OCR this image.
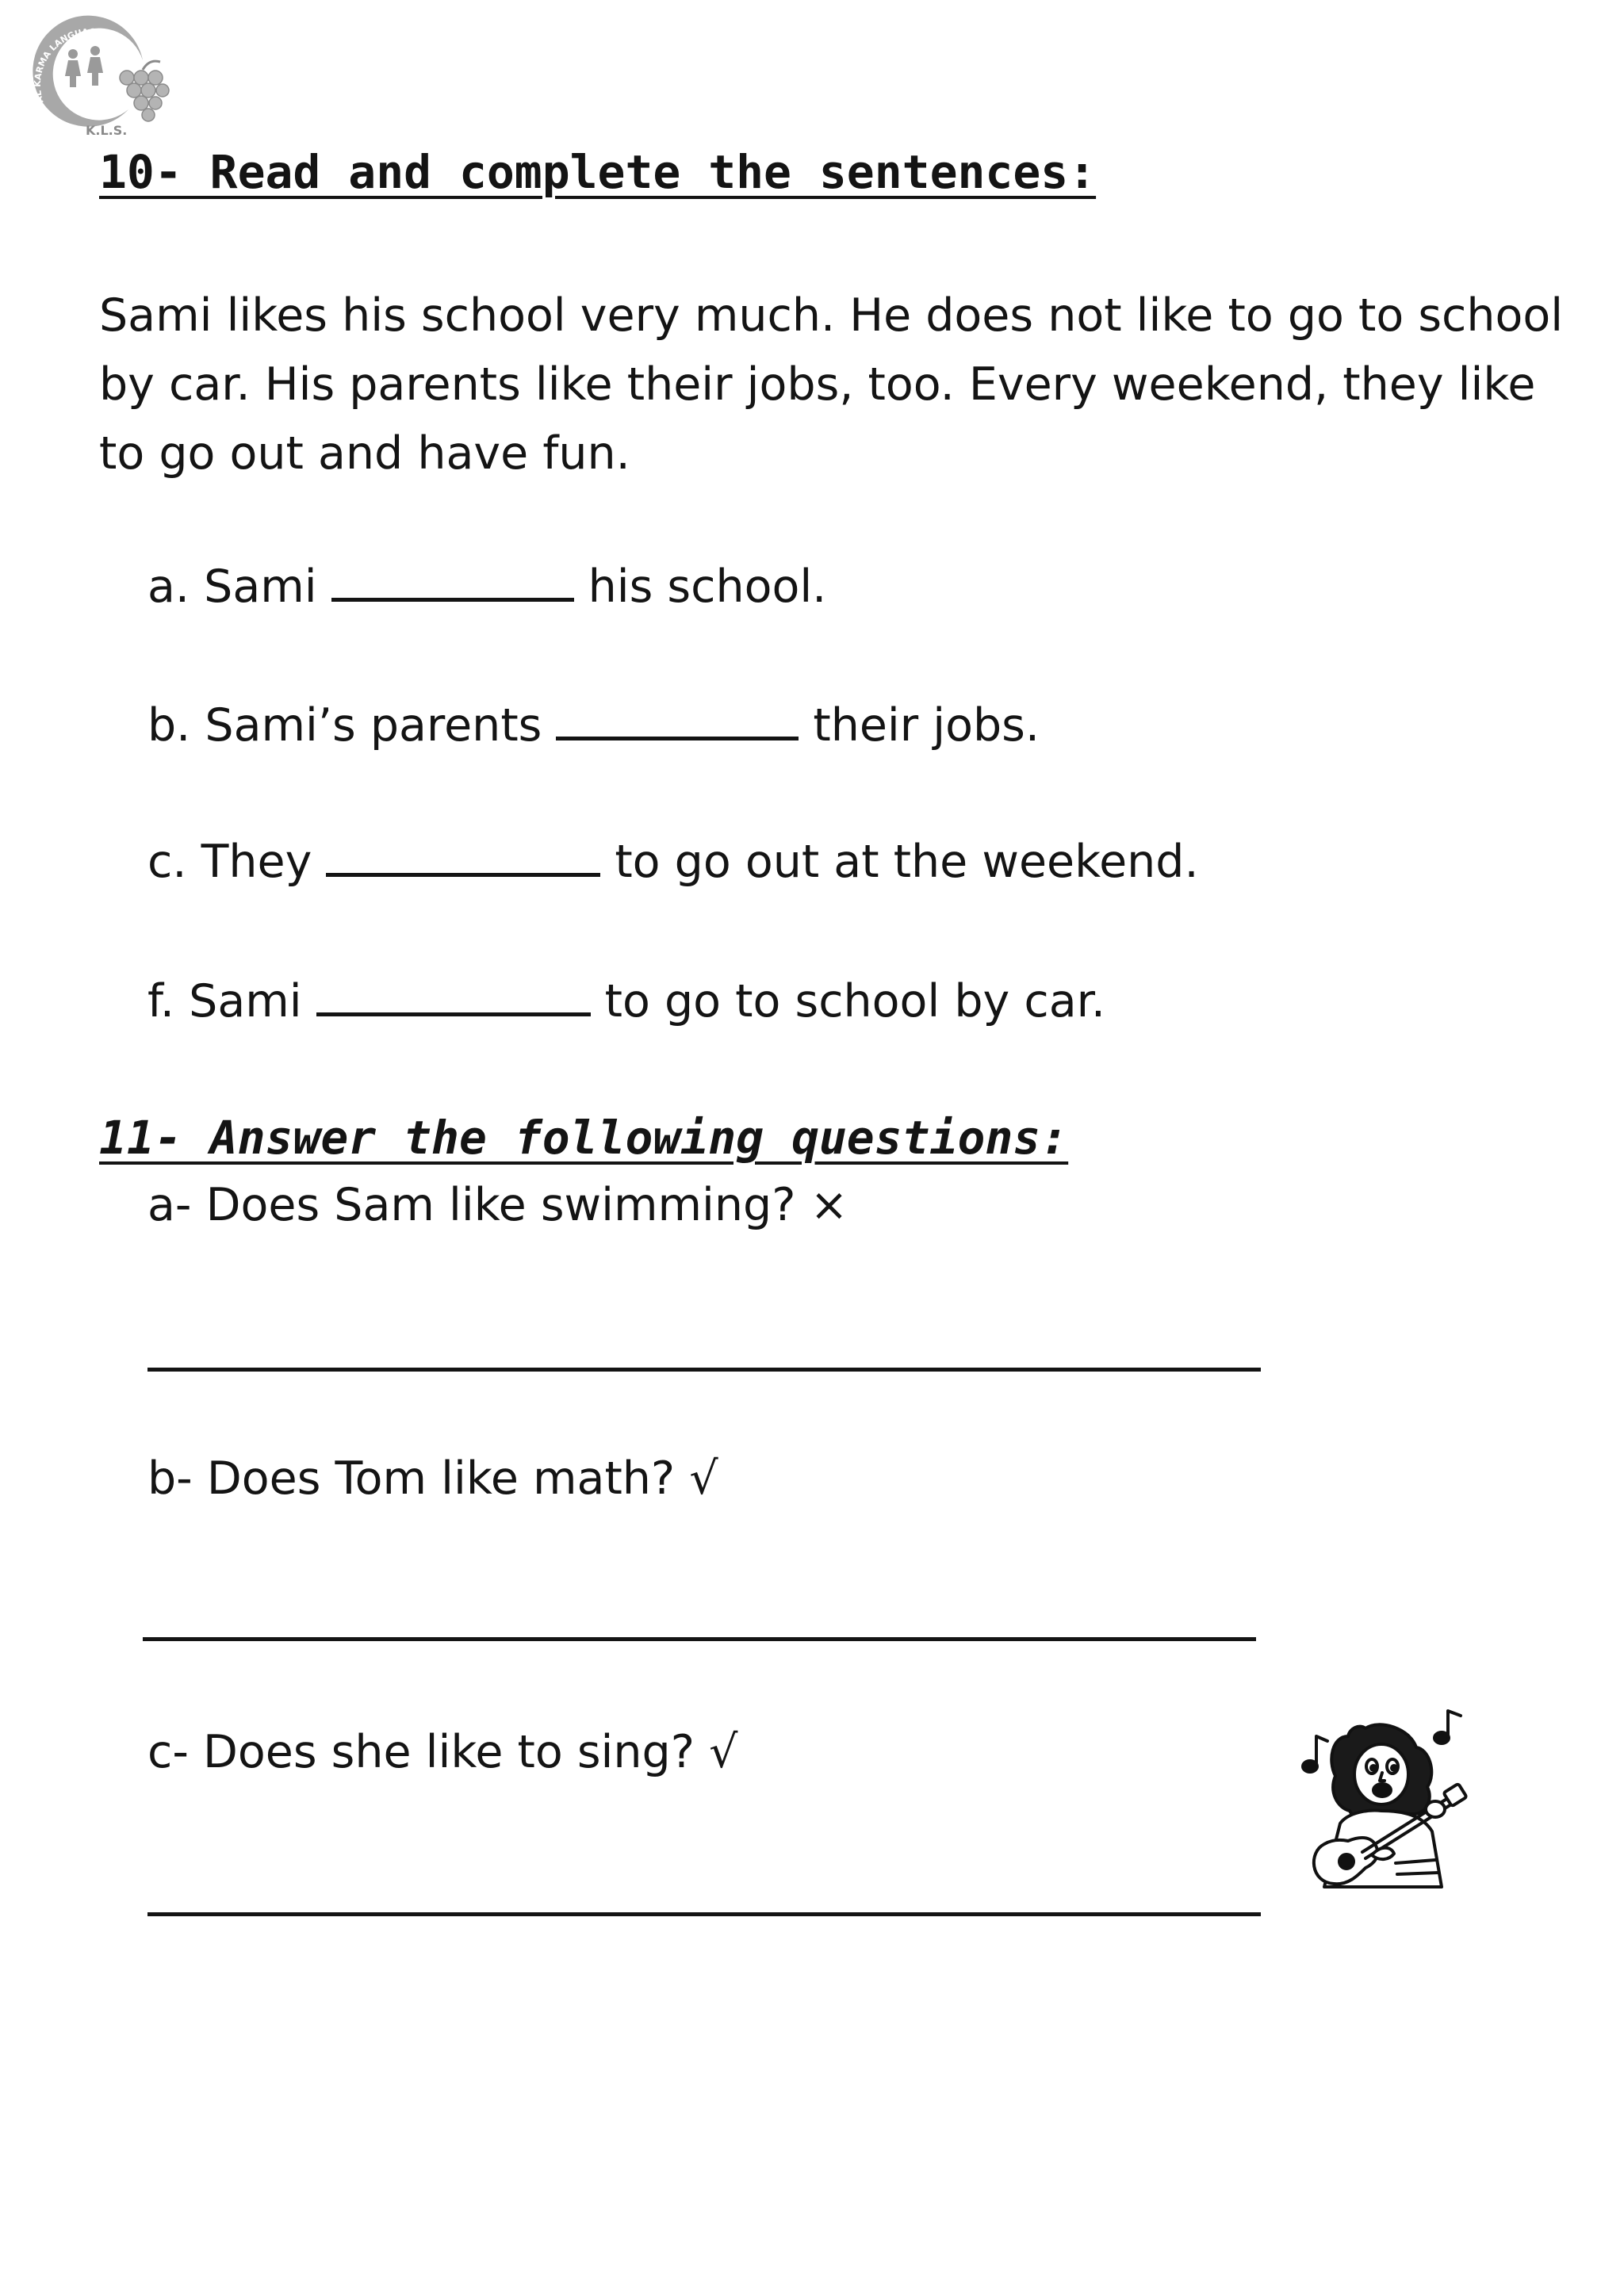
AL KARMA LANGUAGE SCHOOL
K.L.S.
10- Read and complete the sentences:

Sami likes his school very much. He does not like to go to school
by car. His parents like their jobs, too. Every weekend, they like
to go out and have fun.

a. Sami	his school.

b. Sami’s parents	their jobs.

c. They	to go out at the weekend.

f. Sami	to go to school by car.

11- Answer the following questions:

a- Does Sam like swimming? ×

b- Does Tom like math? √

c- Does she like to sing? √
